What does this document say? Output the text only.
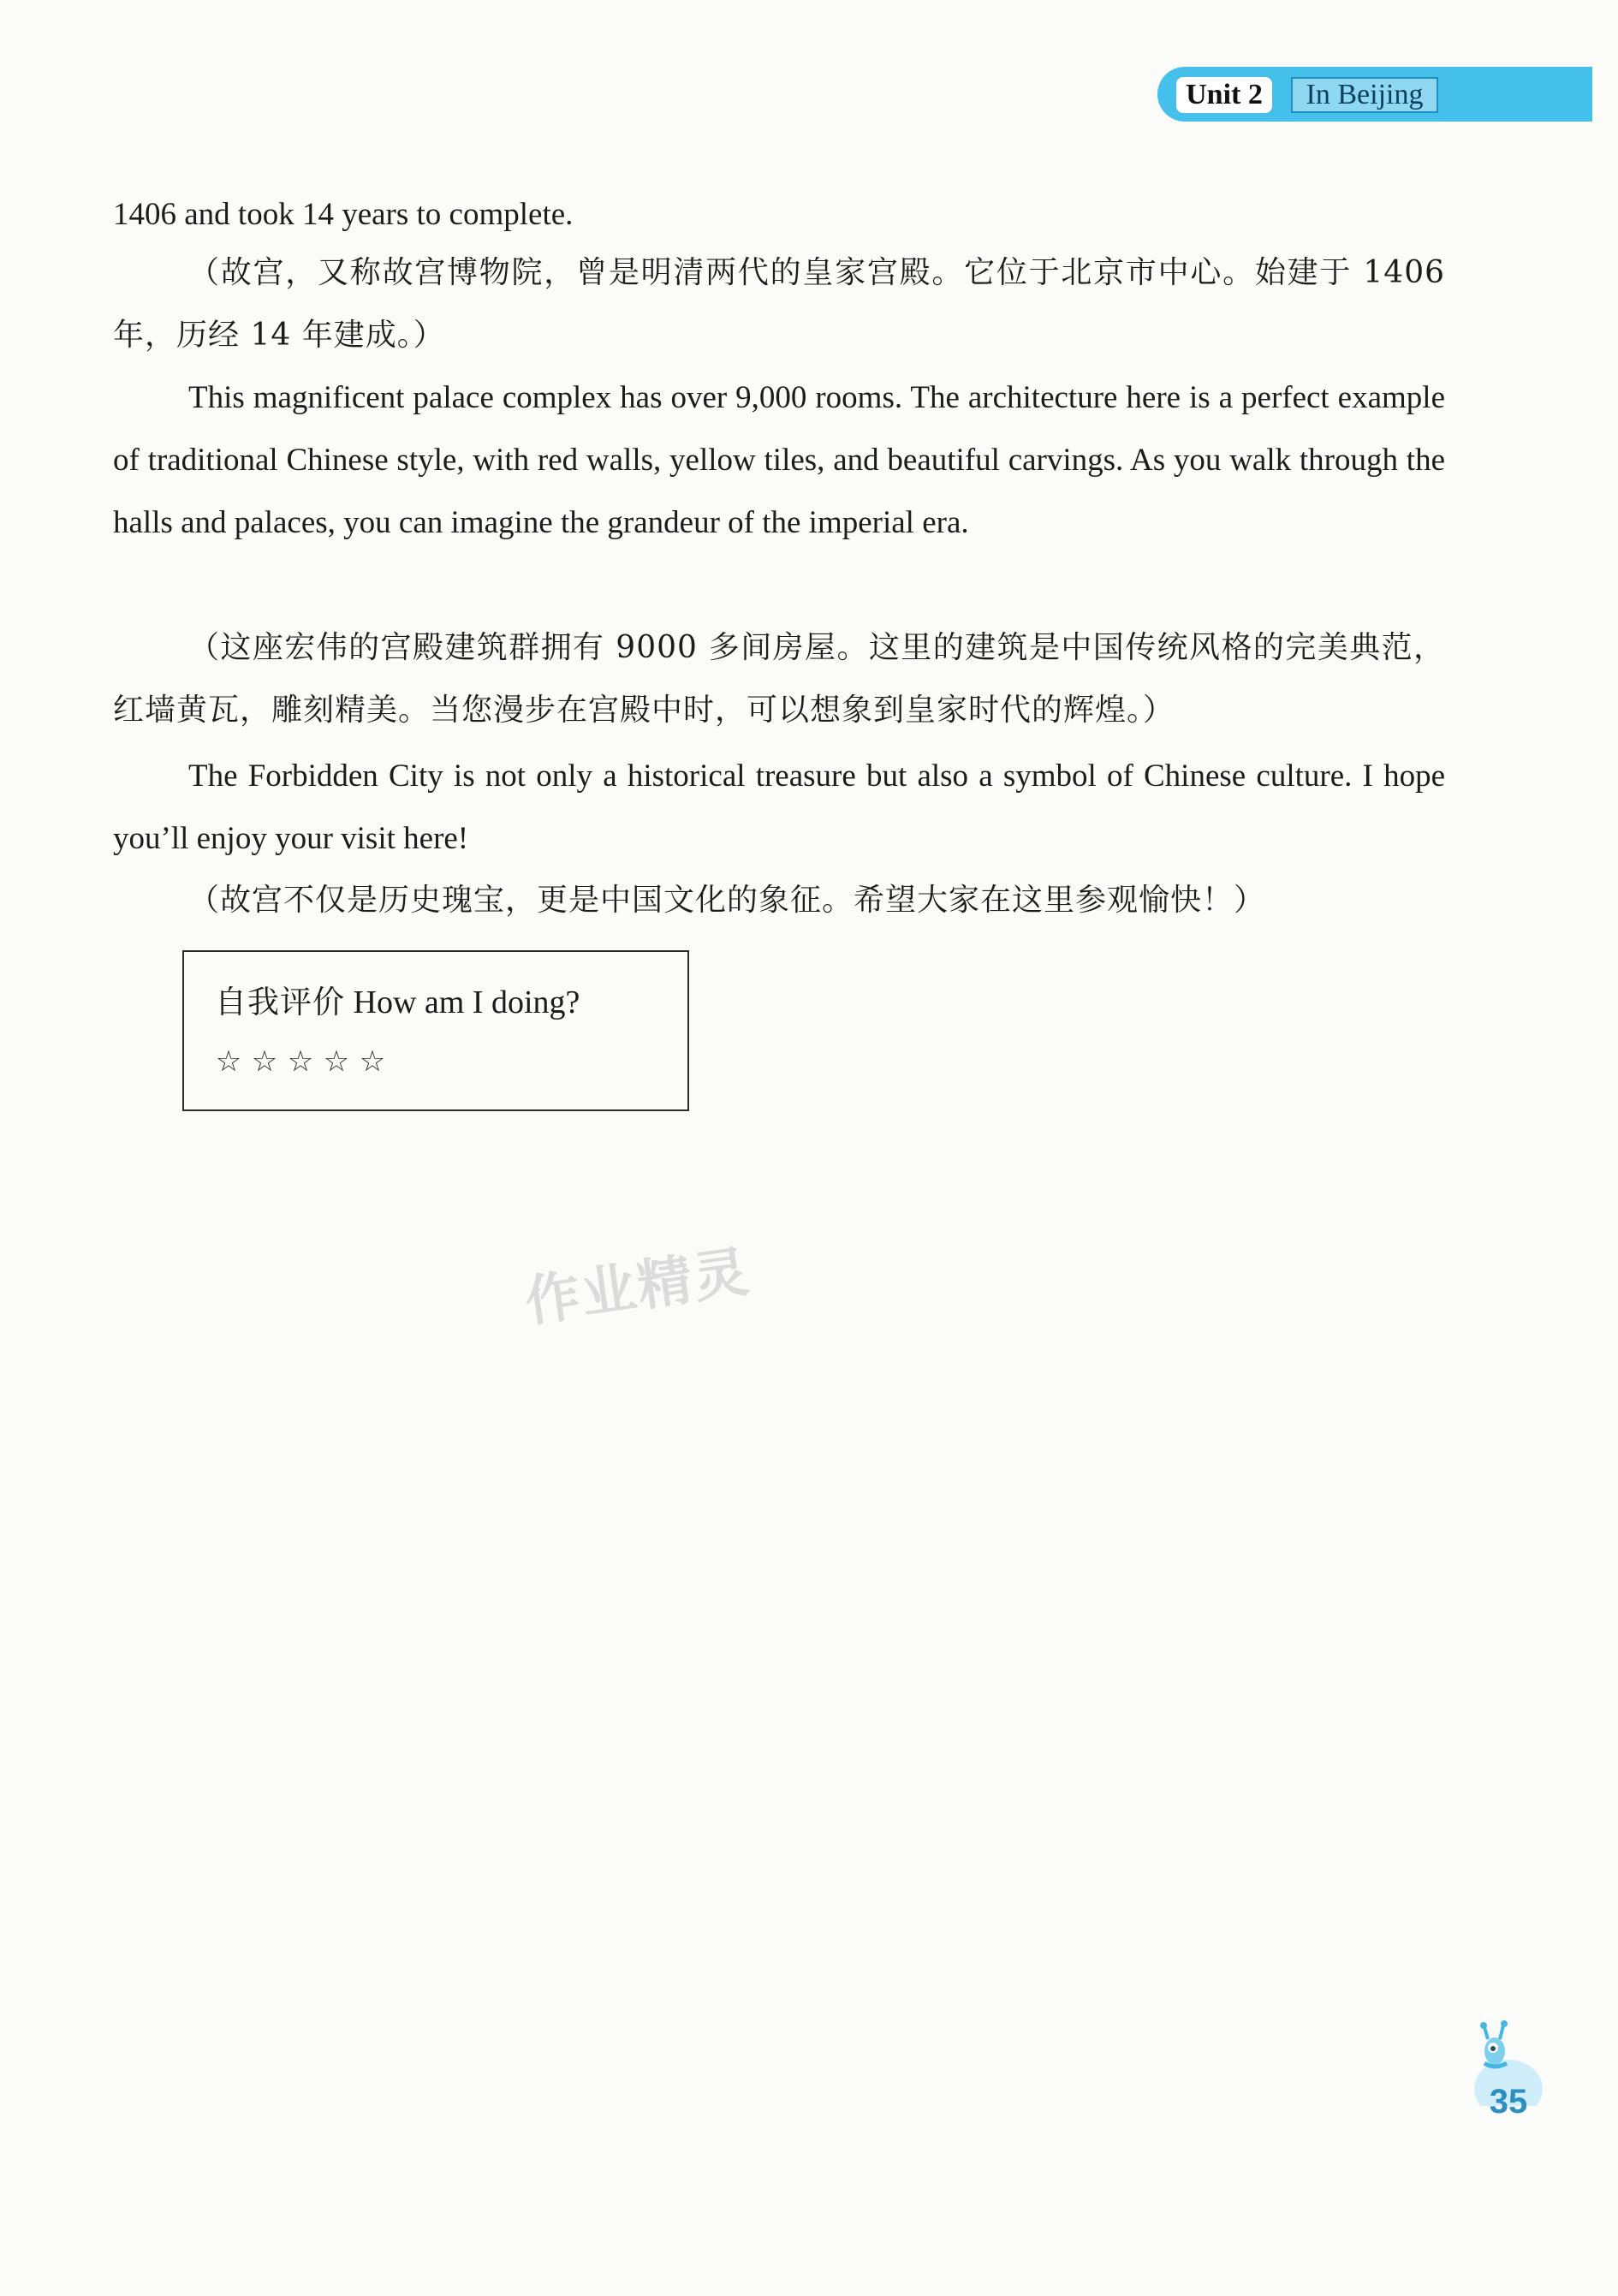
Unit 2	In Beijing

1406 and took 14 years to complete.

（故宫，又称故宫博物院，曾是明清两代的皇家宫殿。它位于北京市中心。始建于 1406 年，历经 14 年建成。）

This magnificent palace complex has over 9,000 rooms. The architecture here is a perfect example of traditional Chinese style, with red walls, yellow tiles, and beautiful carvings. As you walk through the halls and palaces, you can imagine the grandeur of the imperial era.

（这座宏伟的宫殿建筑群拥有 9000 多间房屋。这里的建筑是中国传统风格的完美典范，红墙黄瓦，雕刻精美。当您漫步在宫殿中时，可以想象到皇家时代的辉煌。）

The Forbidden City is not only a historical treasure but also a symbol of Chinese culture. I hope you’ll enjoy your visit here!

（故宫不仅是历史瑰宝，更是中国文化的象征。希望大家在这里参观愉快！）

自我评价 How am I doing?
☆ ☆ ☆ ☆ ☆
作业精灵
35
